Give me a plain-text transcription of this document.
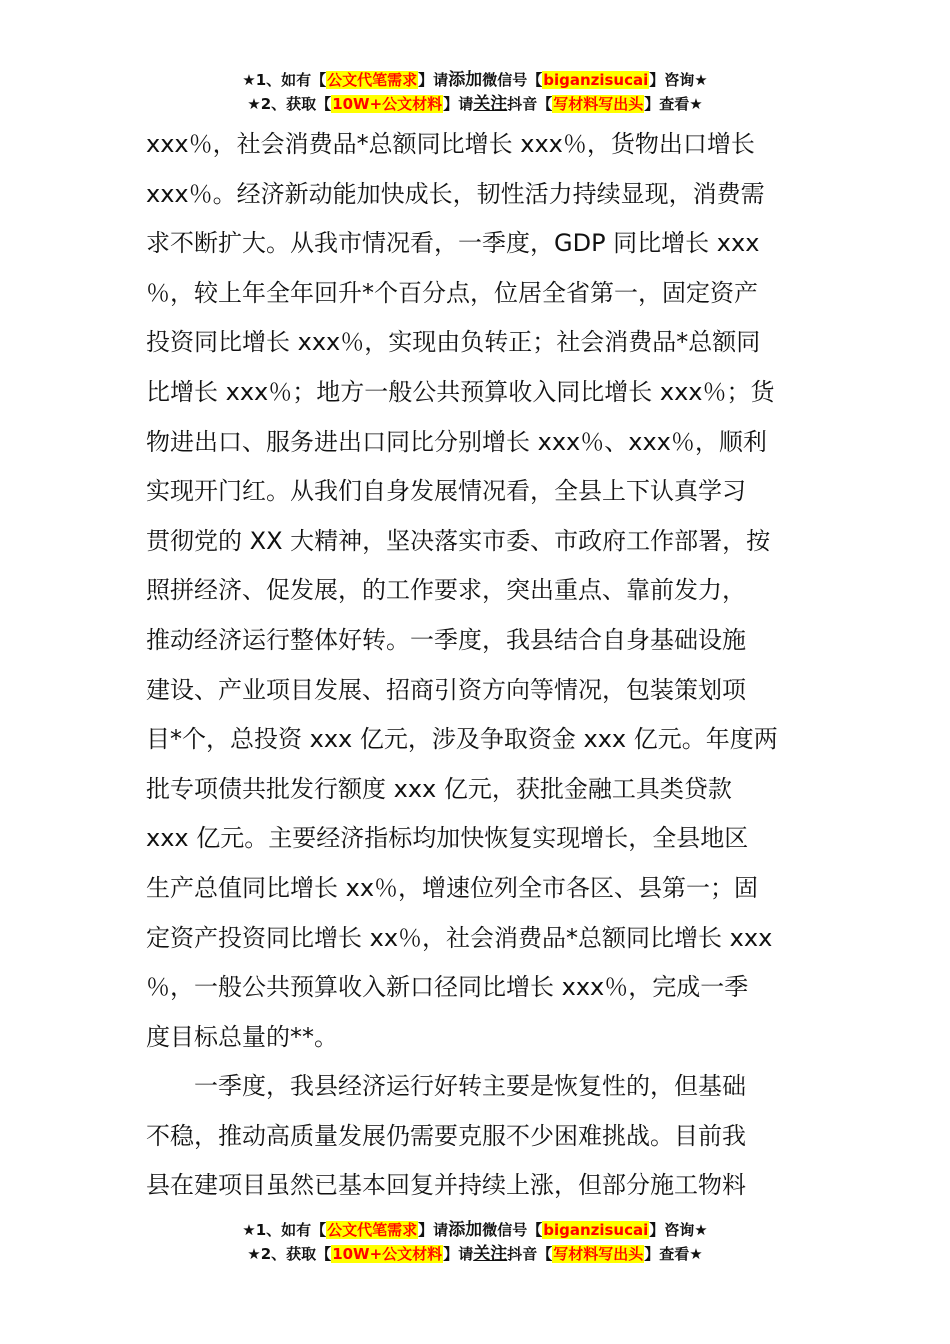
★1、如有【公文代笔需求】请添加微信号【biganzisucai】咨询★
★2、获取【10W+公文材料】请关注抖音【写材料写出头】查看★
xxx％，社会消费品*总额同比增长 xxx％，货物出口增长
xxx％。经济新动能加快成长，韧性活力持续显现，消费需
求不断扩大。从我市情况看，一季度，GDP 同比增长 xxx
％，较上年全年回升*个百分点，位居全省第一，固定资产
投资同比增长 xxx％，实现由负转正；社会消费品*总额同
比增长 xxx％；地方一般公共预算收入同比增长 xxx％；货
物进出口、服务进出口同比分别增长 xxx％、xxx％，顺利
实现开门红。从我们自身发展情况看，全县上下认真学习
贯彻党的 XX 大精神，坚决落实市委、市政府工作部署，按
照拼经济、促发展，的工作要求，突出重点、靠前发力，
推动经济运行整体好转。一季度，我县结合自身基础设施
建设、产业项目发展、招商引资方向等情况，包装策划项
目*个，总投资 xxx 亿元，涉及争取资金 xxx 亿元。年度两
批专项债共批发行额度 xxx 亿元，获批金融工具类贷款
xxx 亿元。主要经济指标均加快恢复实现增长，全县地区
生产总值同比增长 xx％，增速位列全市各区、县第一；固
定资产投资同比增长 xx％，社会消费品*总额同比增长 xxx
％，一般公共预算收入新口径同比增长 xxx％，完成一季
度目标总量的**。
一季度，我县经济运行好转主要是恢复性的，但基础
不稳，推动高质量发展仍需要克服不少困难挑战。目前我
县在建项目虽然已基本回复并持续上涨，但部分施工物料
★1、如有【公文代笔需求】请添加微信号【biganzisucai】咨询★
★2、获取【10W+公文材料】请关注抖音【写材料写出头】查看★
